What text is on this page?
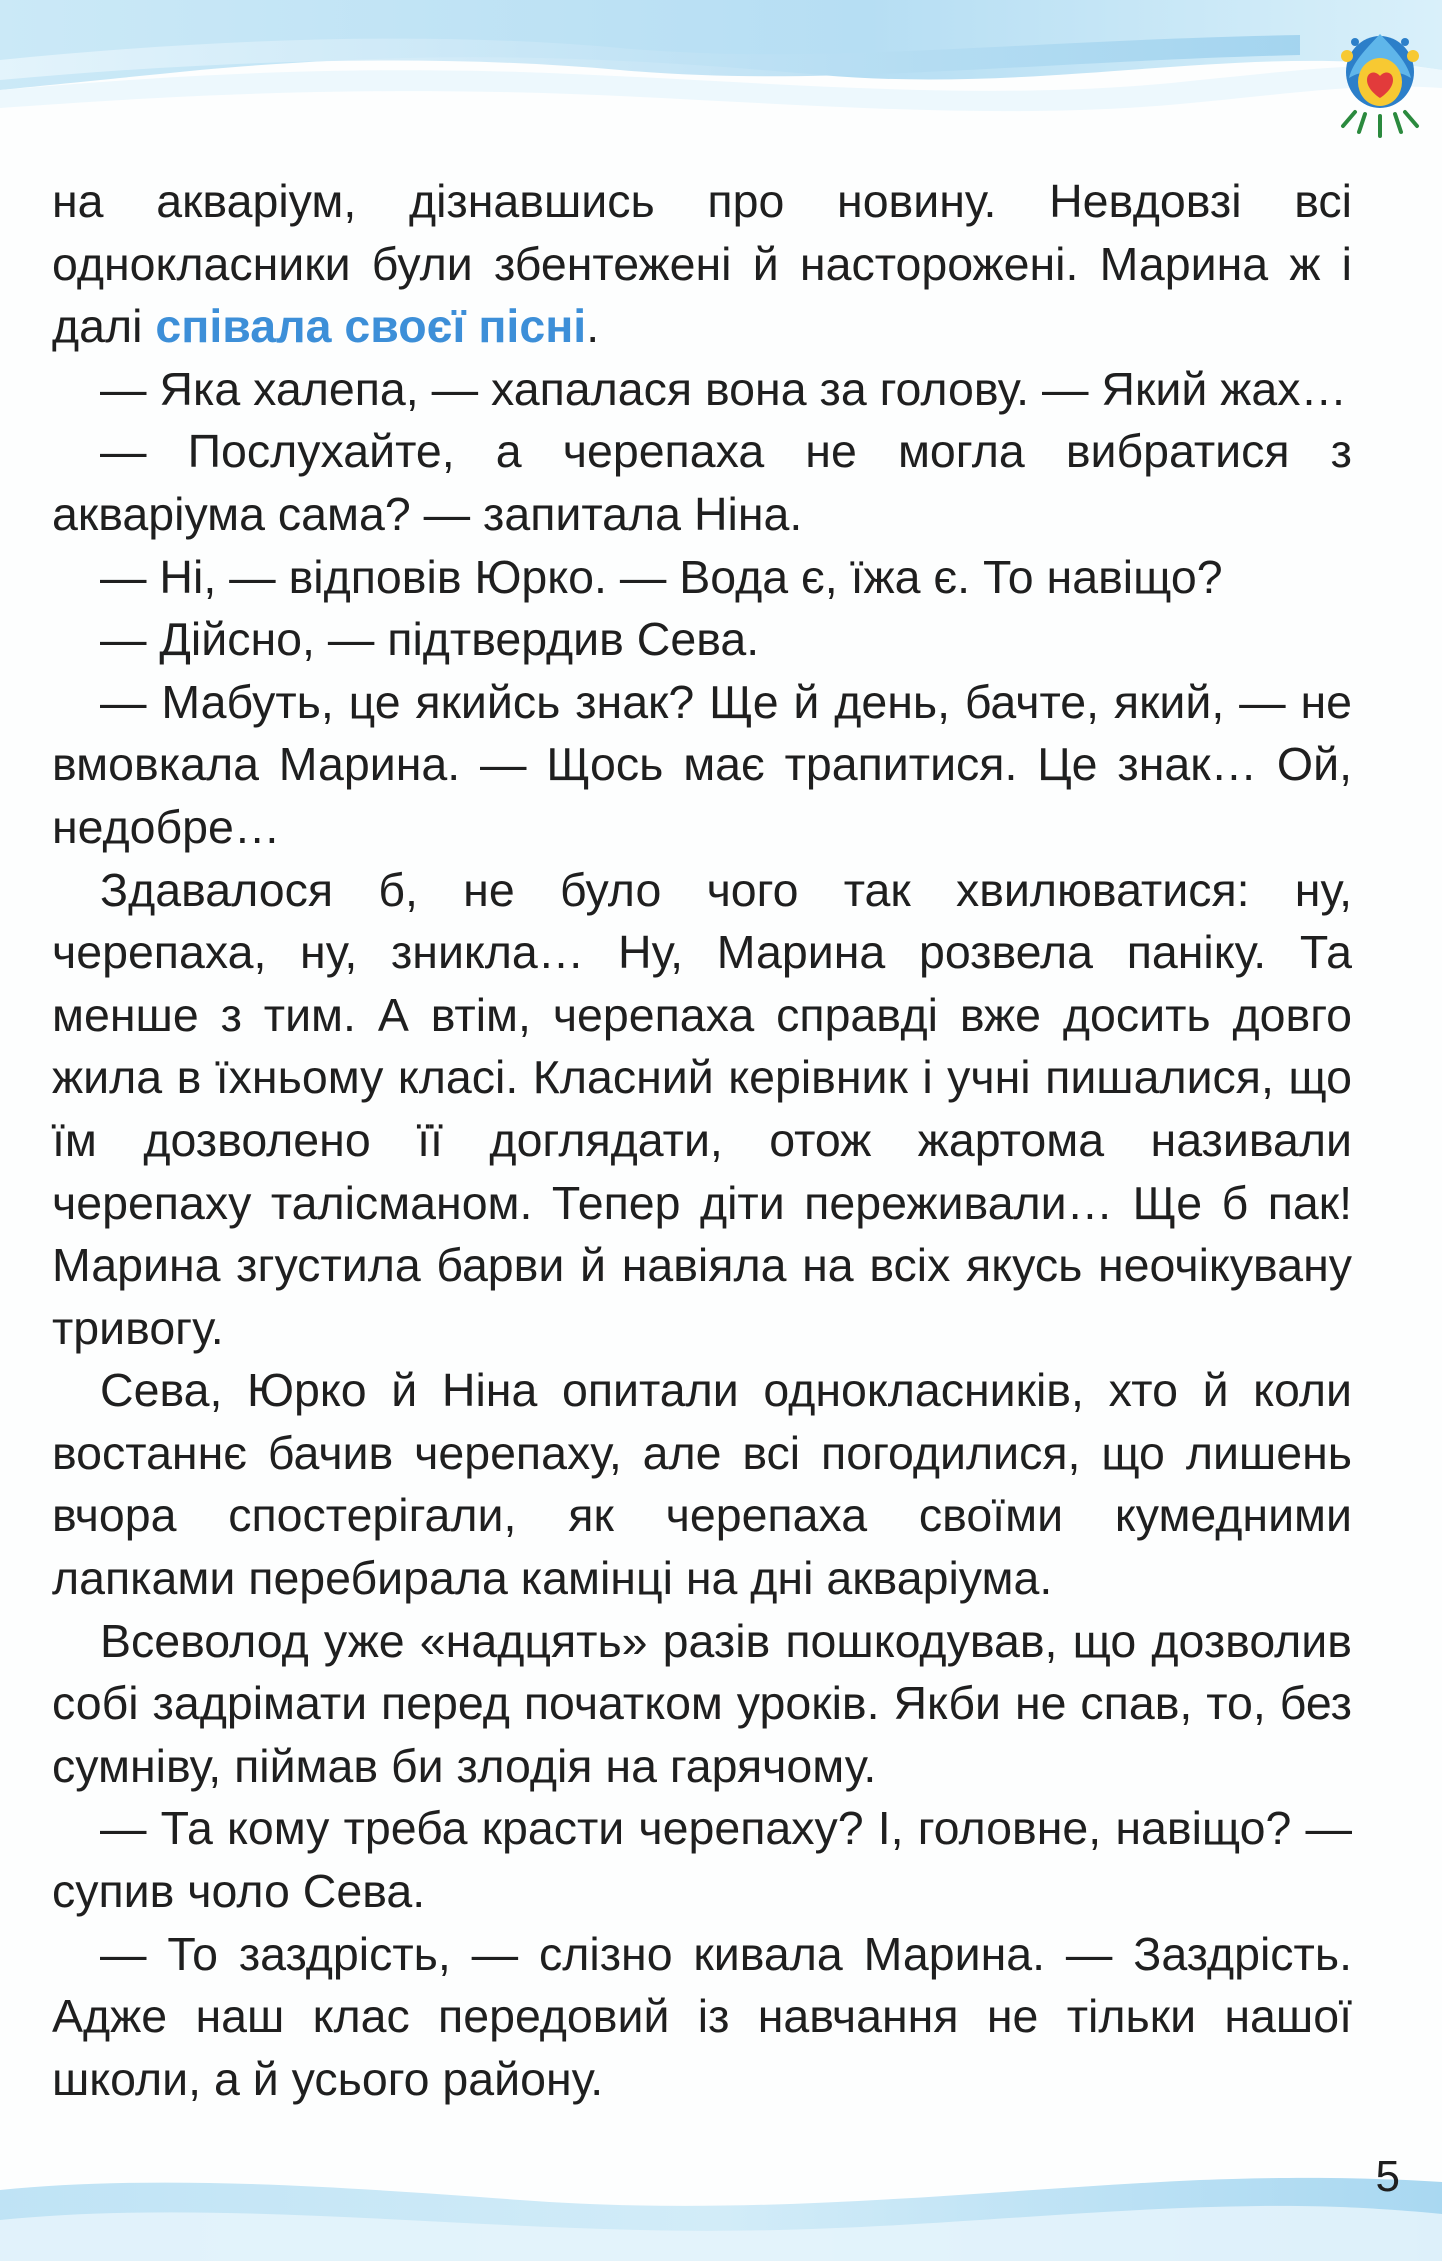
на акваріум, дізнавшись про новину. Невдовзі всі однокласники були збентежені й насторожені. Марина ж і далі співала своєї пісні.

— Яка халепа, — хапалася вона за голову. — Який жах…

— Послухайте, а черепаха не могла вибратися з акваріума сама? — запитала Ніна.

— Ні, — відповів Юрко. — Вода є, їжа є. То навіщо?

— Дійсно, — підтвердив Сева.

— Мабуть, це якийсь знак? Ще й день, бачте, який, — не вмовкала Марина. — Щось має трапитися. Це знак… Ой, недобре…

Здавалося б, не було чого так хвилюватися: ну, черепаха, ну, зникла… Ну, Марина розвела паніку. Та менше з тим. А втім, черепаха справді вже досить довго жила в їхньому класі. Класний керівник і учні пишалися, що їм дозволено її доглядати, отож жартома називали черепаху талісманом. Тепер діти переживали… Ще б пак! Марина згустила барви й навіяла на всіх якусь неочікувану тривогу.

Сева, Юрко й Ніна опитали однокласників, хто й коли востаннє бачив черепаху, але всі погодилися, що лишень вчора спостерігали, як черепаха своїми кумедними лапками перебирала камінці на дні акваріума.

Всеволод уже «надцять» разів пошкодував, що дозволив собі задрімати перед початком уроків. Якби не спав, то, без сумніву, піймав би злодія на гарячому.

— Та кому треба красти черепаху? І, головне, навіщо? — супив чоло Сева.

— То заздрість, — слізно кивала Марина. — Заздрість. Адже наш клас передовий із навчання не тільки нашої школи, а й усього району.

5
